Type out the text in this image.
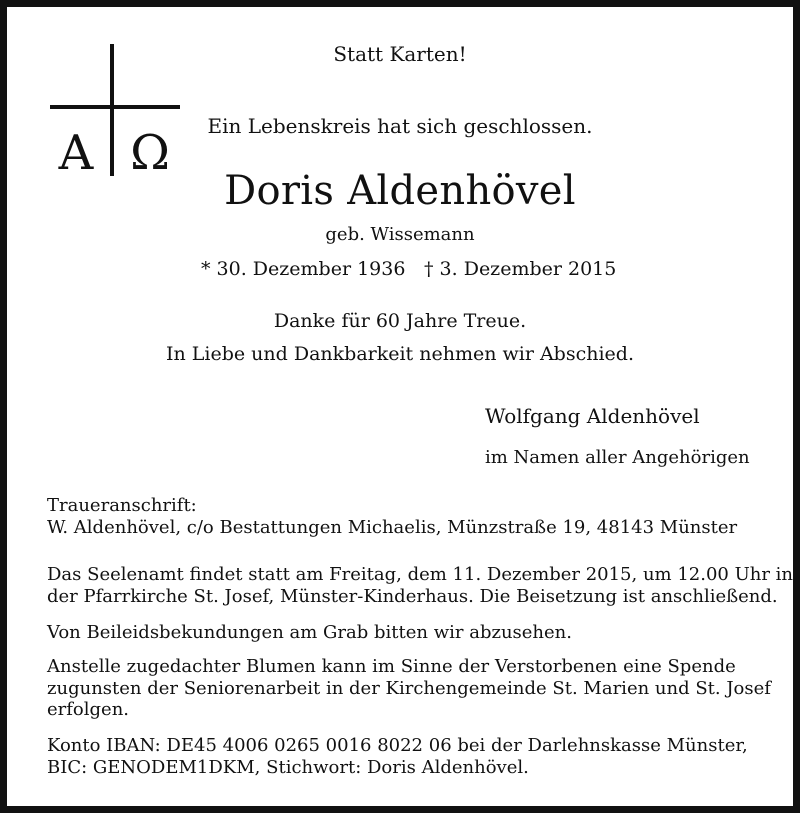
A Ω
Statt Karten!
Ein Lebenskreis hat sich geschlossen.
Doris Aldenhövel
geb. Wissemann
* 30. Dezember 1936 † 3. Dezember 2015
Danke für 60 Jahre Treue.
In Liebe und Dankbarkeit nehmen wir Abschied.
Wolfgang Aldenhövel
im Namen aller Angehörigen
Traueranschrift:
W. Aldenhövel, c/o Bestattungen Michaelis, Münzstraße 19, 48143 Münster
Das Seelenamt findet statt am Freitag, dem 11. Dezember 2015, um 12.00 Uhr in
der Pfarrkirche St. Josef, Münster-Kinderhaus. Die Beisetzung ist anschließend.
Von Beileidsbekundungen am Grab bitten wir abzusehen.
Anstelle zugedachter Blumen kann im Sinne der Verstorbenen eine Spende
zugunsten der Seniorenarbeit in der Kirchengemeinde St. Marien und St. Josef
erfolgen.
Konto IBAN: DE45 4006 0265 0016 8022 06 bei der Darlehnskasse Münster,
BIC: GENODEM1DKM, Stichwort: Doris Aldenhövel.
